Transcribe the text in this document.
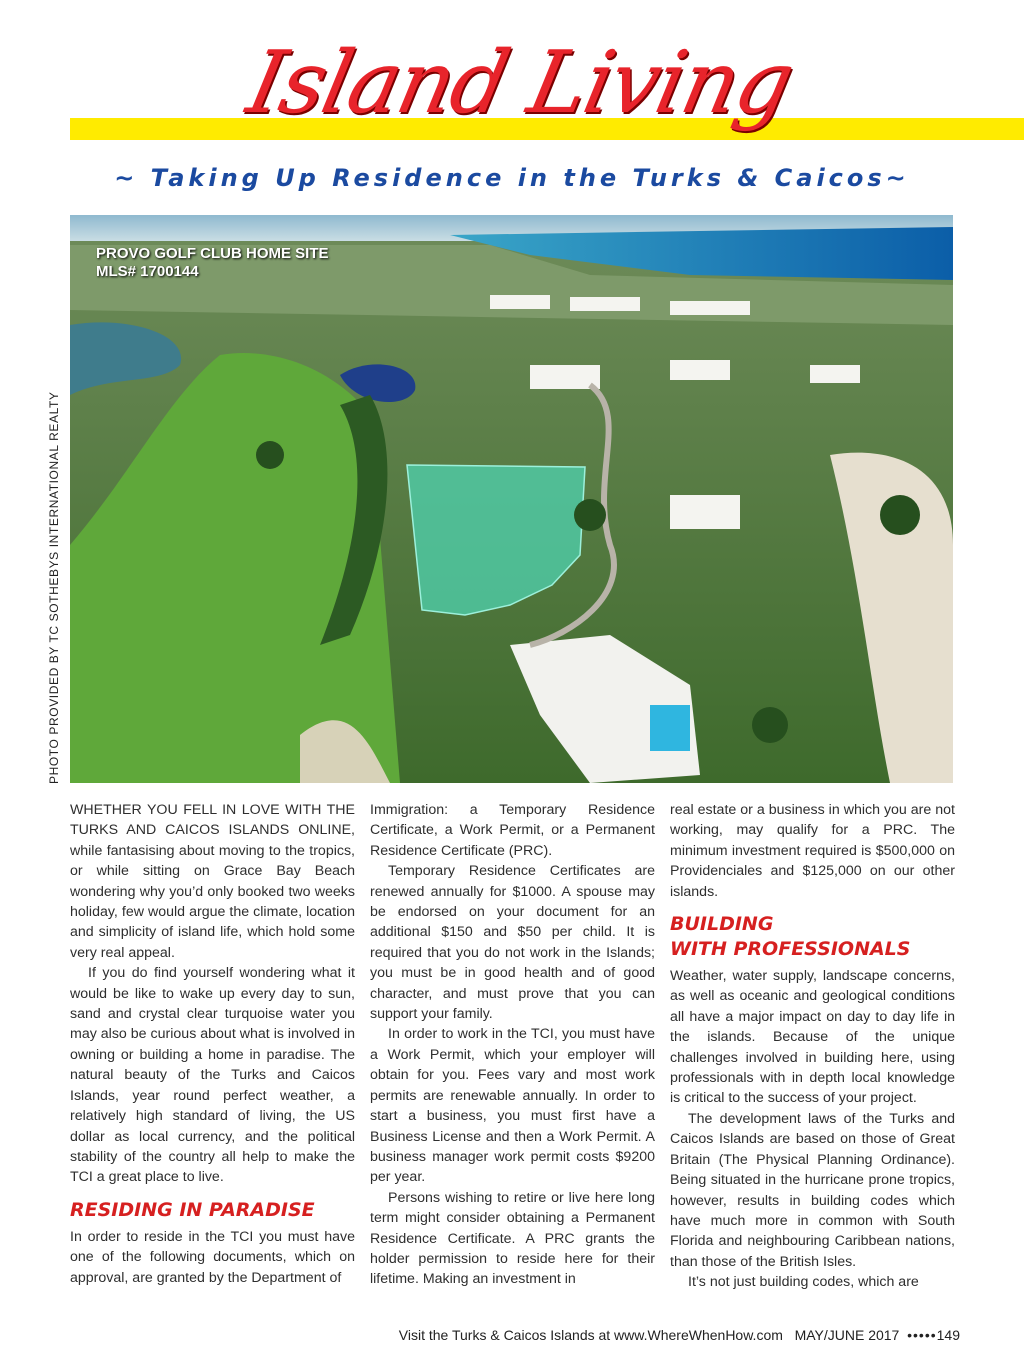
Island Living
~ Taking Up Residence in the Turks & Caicos~
PROVO GOLF CLUB HOME SITE
MLS# 1700144
PHOTO PROVIDED BY TC SOTHEBYS INTERNATIONAL REALTY

WHETHER YOU FELL IN LOVE WITH THE TURKS AND CAICOS ISLANDS ONLINE, while fantasising about moving to the tropics, or while sitting on Grace Bay Beach wondering why you’d only booked two weeks holiday, few would argue the climate, location and simplicity of island life, which hold some very real appeal.

If you do find yourself wondering what it would be like to wake up every day to sun, sand and crystal clear turquoise water you may also be curious about what is involved in owning or building a home in paradise. The natural beauty of the Turks and Caicos Islands, year round perfect weather, a relatively high standard of living, the US dollar as local currency, and the political stability of the country all help to make the TCI a great place to live.

RESIDING IN PARADISE

In order to reside in the TCI you must have one of the following documents, which on approval, are granted by the Department of

Immigration: a Temporary Residence Certificate, a Work Permit, or a Permanent Residence Certificate (PRC).

Temporary Residence Certificates are renewed annually for $1000. A spouse may be endorsed on your document for an additional $150 and $50 per child. It is required that you do not work in the Islands; you must be in good health and of good character, and must prove that you can support your family.

In order to work in the TCI, you must have a Work Permit, which your employer will obtain for you. Fees vary and most work permits are renewable annually. In order to start a business, you must first have a Business License and then a Work Permit. A business manager work permit costs $9200 per year.

Persons wishing to retire or live here long term might consider obtaining a Permanent Residence Certificate. A PRC grants the holder permission to reside here for their lifetime. Making an investment in

real estate or a business in which you are not working, may qualify for a PRC. The minimum investment required is $500,000 on Providenciales and $125,000 on our other islands.

BUILDING
WITH PROFESSIONALS

Weather, water supply, landscape concerns, as well as oceanic and geological conditions all have a major impact on day to day life in the islands. Because of the unique challenges involved in building here, using professionals with in depth local knowledge is critical to the success of your project.

The development laws of the Turks and Caicos Islands are based on those of Great Britain (The Physical Planning Ordinance). Being situated in the hurricane prone tropics, however, results in building codes which have much more in common with South Florida and neighbouring Caribbean nations, than those of the British Isles.

It’s not just building codes, which are

Visit the Turks & Caicos Islands at www.WhereWhenHow.com MAY/JUNE 2017 •••••149
